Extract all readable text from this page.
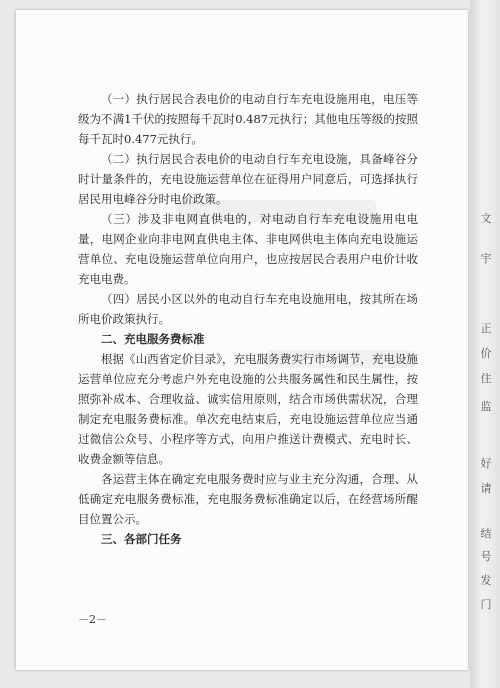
文
宇
正
价
住
监
好
请
结
号
发
门

（一）执行居民合表电价的电动自行车充电设施用电，电压等级为不满1千伏的按照每千瓦时0.487元执行；其他电压等级的按照每千瓦时0.477元执行。

（二）执行居民合表电价的电动自行车充电设施，具备峰谷分时计量条件的，充电设施运营单位在征得用户同意后，可选择执行居民用电峰谷分时电价政策。

（三）涉及非电网直供电的，对电动自行车充电设施用电电量，电网企业向非电网直供电主体、非电网供电主体向充电设施运营单位、充电设施运营单位向用户，也应按居民合表用户电价计收充电电费。

（四）居民小区以外的电动自行车充电设施用电，按其所在场所电价政策执行。

二、充电服务费标准

根据《山西省定价目录》，充电服务费实行市场调节，充电设施运营单位应充分考虑户外充电设施的公共服务属性和民生属性，按照弥补成本、合理收益、诚实信用原则，结合市场供需状况，合理制定充电服务费标准。单次充电结束后，充电设施运营单位应当通过微信公众号、小程序等方式，向用户推送计费模式、充电时长、收费金额等信息。

各运营主体在确定充电服务费时应与业主充分沟通，合理、从低确定充电服务费标准，充电服务费标准确定以后，在经营场所醒目位置公示。

三、各部门任务

－2－
